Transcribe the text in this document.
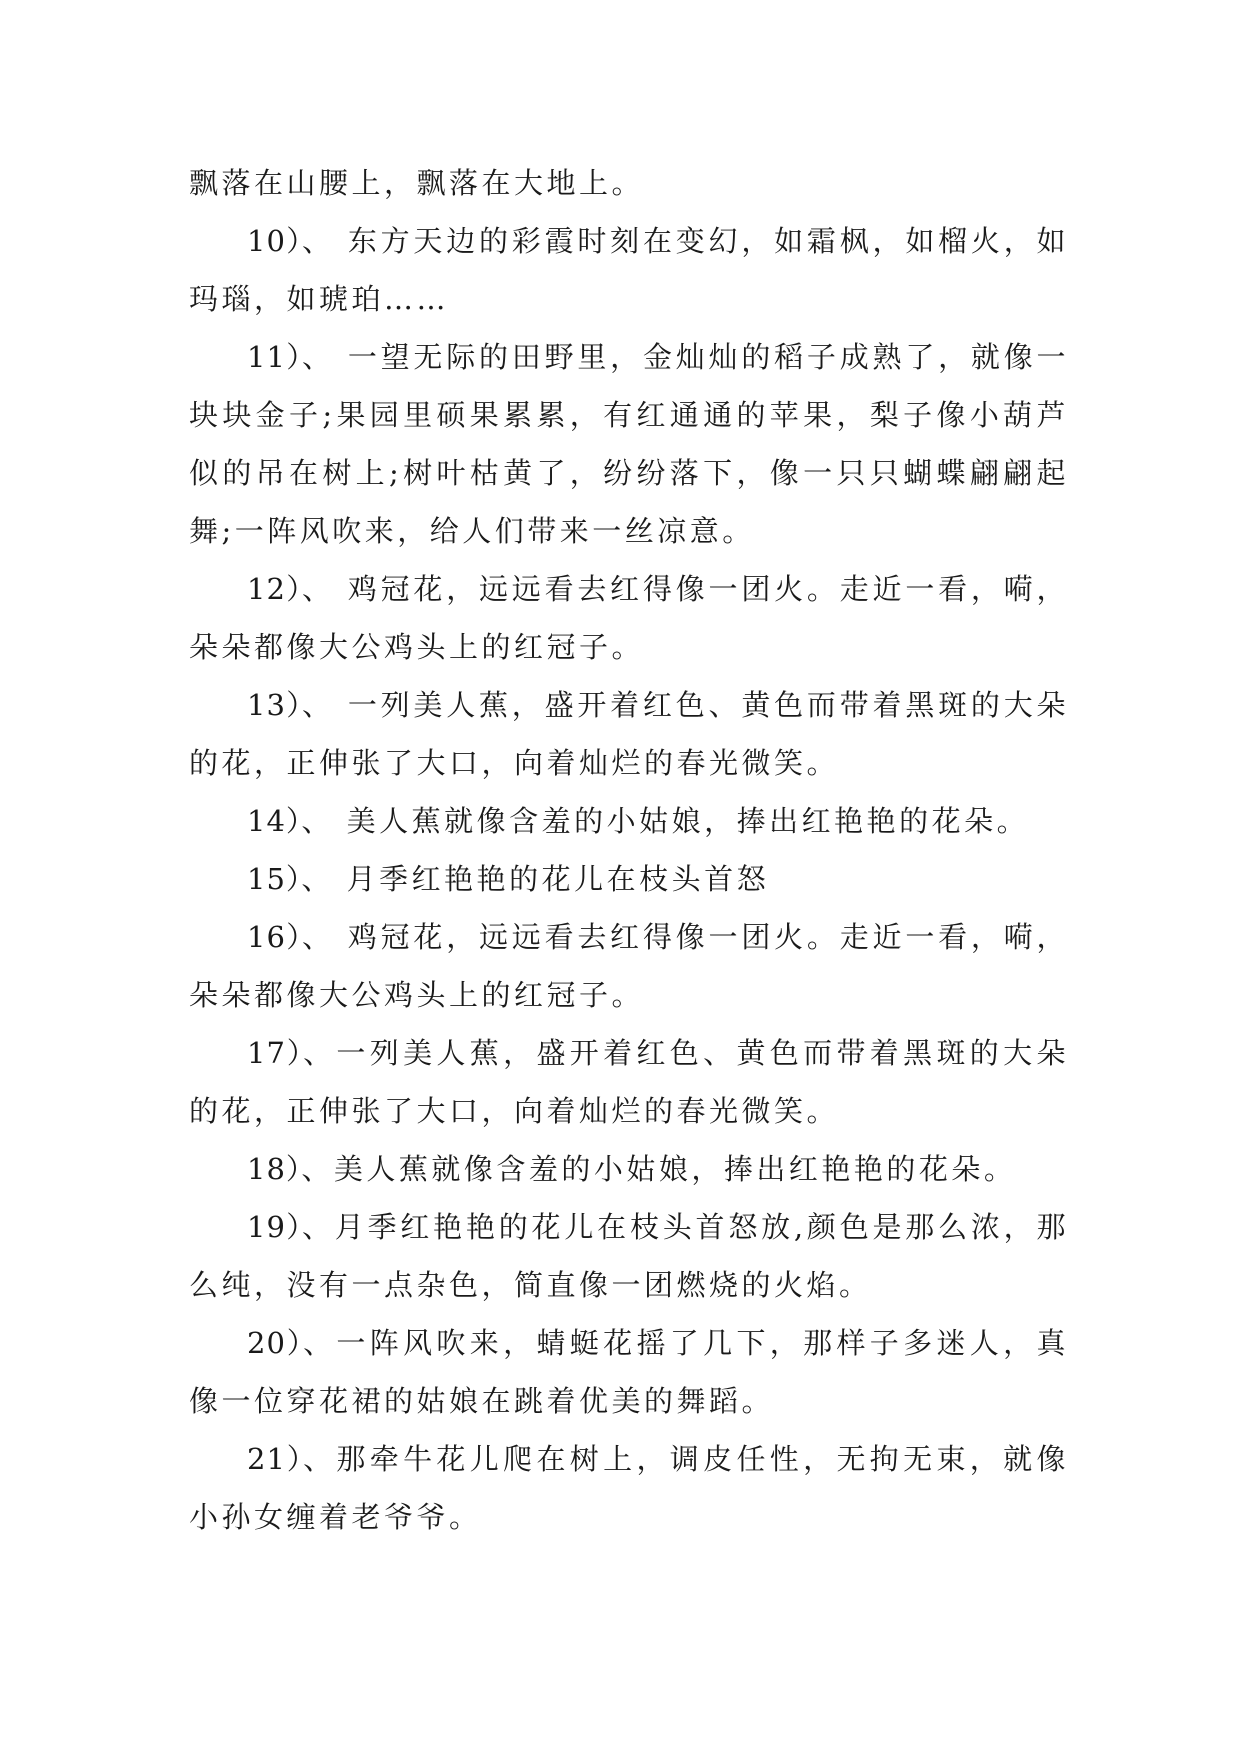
飘落在山腰上，飘落在大地上。

10）、 东方天边的彩霞时刻在变幻，如霜枫，如榴火，如玛瑙，如琥珀……

11）、 一望无际的田野里，金灿灿的稻子成熟了，就像一块块金子;果园里硕果累累，有红通通的苹果，梨子像小葫芦似的吊在树上;树叶枯黄了，纷纷落下，像一只只蝴蝶翩翩起舞;一阵风吹来，给人们带来一丝凉意。

12）、 鸡冠花，远远看去红得像一团火。走近一看，嗬，朵朵都像大公鸡头上的红冠子。

13）、 一列美人蕉，盛开着红色、黄色而带着黑斑的大朵的花，正伸张了大口，向着灿烂的春光微笑。

14）、 美人蕉就像含羞的小姑娘，捧出红艳艳的花朵。

15）、 月季红艳艳的花儿在枝头首怒

16）、 鸡冠花，远远看去红得像一团火。走近一看，嗬，朵朵都像大公鸡头上的红冠子。

17）、一列美人蕉，盛开着红色、黄色而带着黑斑的大朵的花，正伸张了大口，向着灿烂的春光微笑。

18）、美人蕉就像含羞的小姑娘，捧出红艳艳的花朵。

19）、月季红艳艳的花儿在枝头首怒放,颜色是那么浓，那么纯，没有一点杂色，简直像一团燃烧的火焰。

20）、一阵风吹来，蜻蜓花摇了几下，那样子多迷人，真像一位穿花裙的姑娘在跳着优美的舞蹈。

21）、那牵牛花儿爬在树上，调皮任性，无拘无束，就像小孙女缠着老爷爷。
